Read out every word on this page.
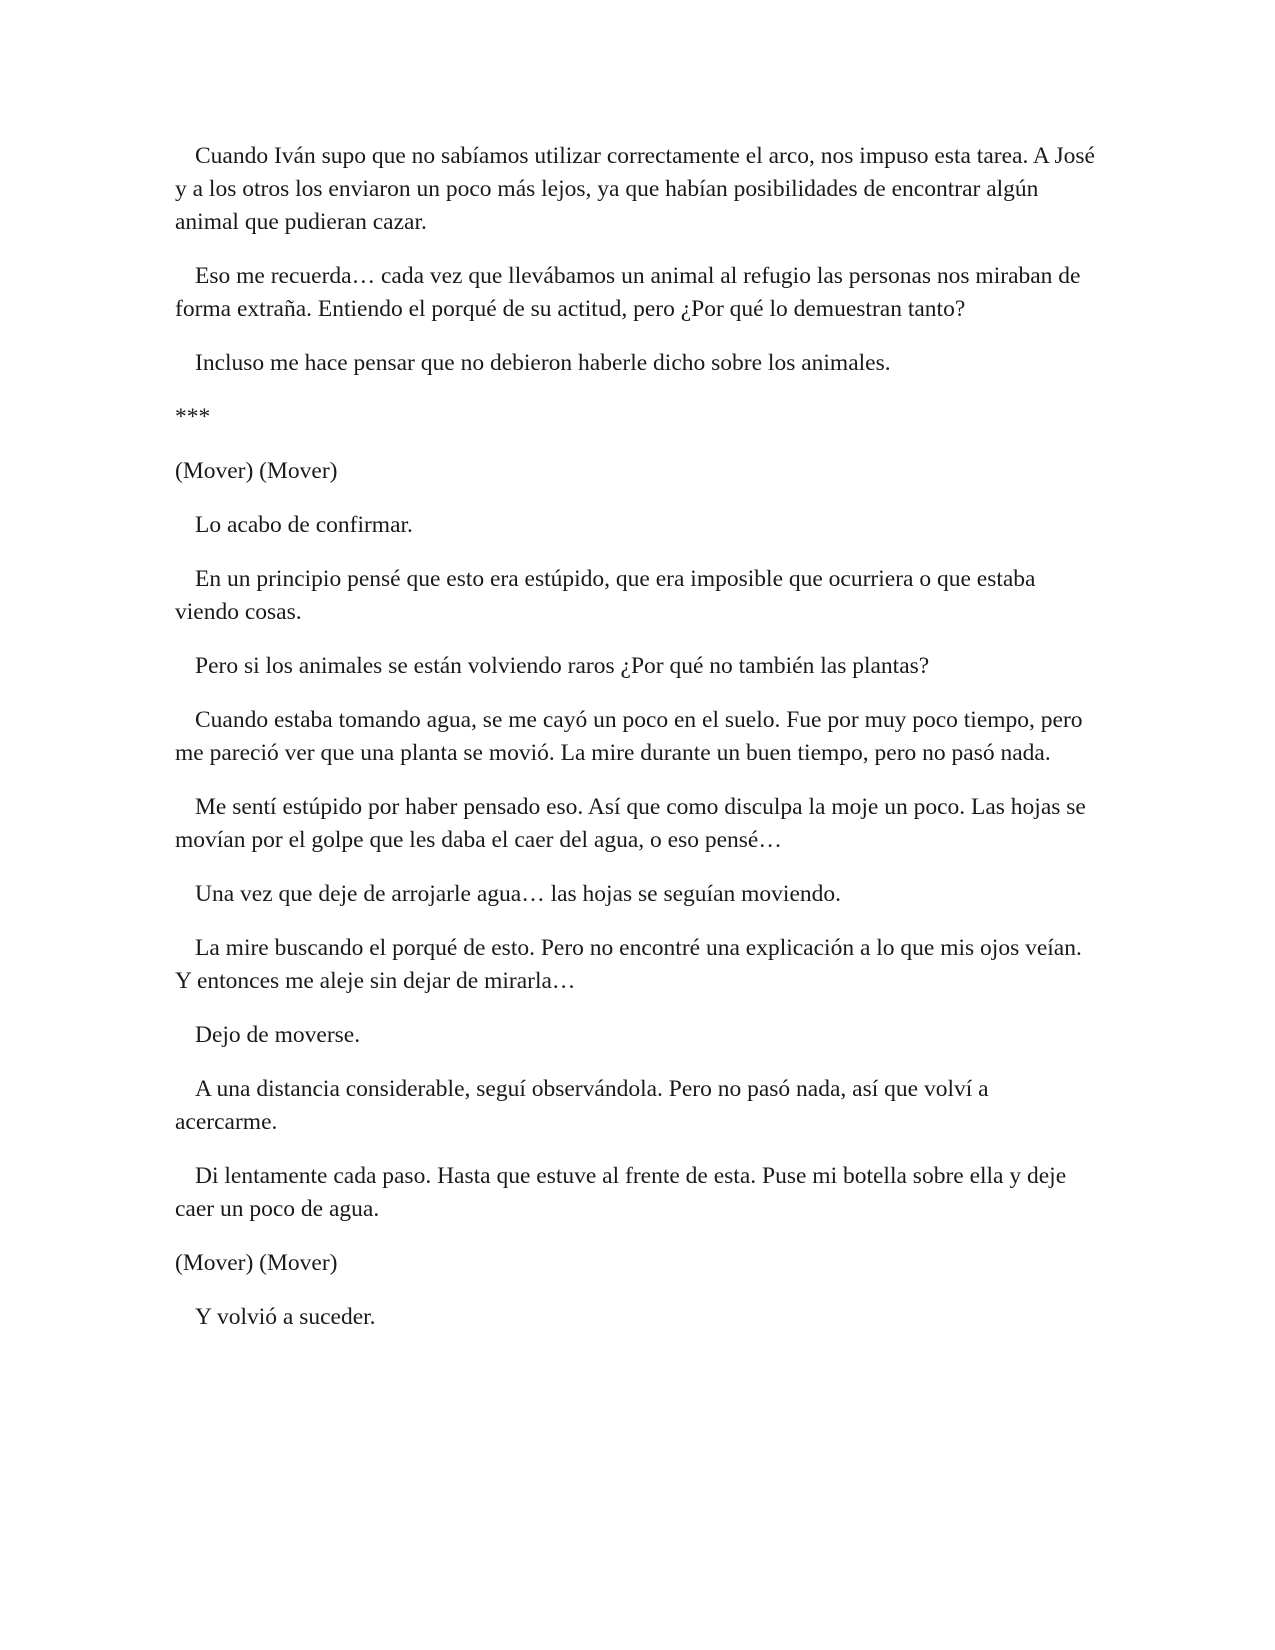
Cuando Iván supo que no sabíamos utilizar correctamente el arco, nos impuso esta tarea. A José y a los otros los enviaron un poco más lejos, ya que habían posibilidades de encontrar algún animal que pudieran cazar.

Eso me recuerda… cada vez que llevábamos un animal al refugio las personas nos miraban de forma extraña. Entiendo el porqué de su actitud, pero ¿Por qué lo demuestran tanto?

Incluso me hace pensar que no debieron haberle dicho sobre los animales.

***

(Mover) (Mover)

Lo acabo de confirmar.

En un principio pensé que esto era estúpido, que era imposible que ocurriera o que estaba viendo cosas.

Pero si los animales se están volviendo raros ¿Por qué no también las plantas?

Cuando estaba tomando agua, se me cayó un poco en el suelo. Fue por muy poco tiempo, pero me pareció ver que una planta se movió. La mire durante un buen tiempo, pero no pasó nada.

Me sentí estúpido por haber pensado eso. Así que como disculpa la moje un poco. Las hojas se movían por el golpe que les daba el caer del agua, o eso pensé…

Una vez que deje de arrojarle agua… las hojas se seguían moviendo.

La mire buscando el porqué de esto. Pero no encontré una explicación a lo que mis ojos veían. Y entonces me aleje sin dejar de mirarla…

Dejo de moverse.

A una distancia considerable, seguí observándola. Pero no pasó nada, así que volví a acercarme.

Di lentamente cada paso. Hasta que estuve al frente de esta. Puse mi botella sobre ella y deje caer un poco de agua.

(Mover) (Mover)

Y volvió a suceder.
